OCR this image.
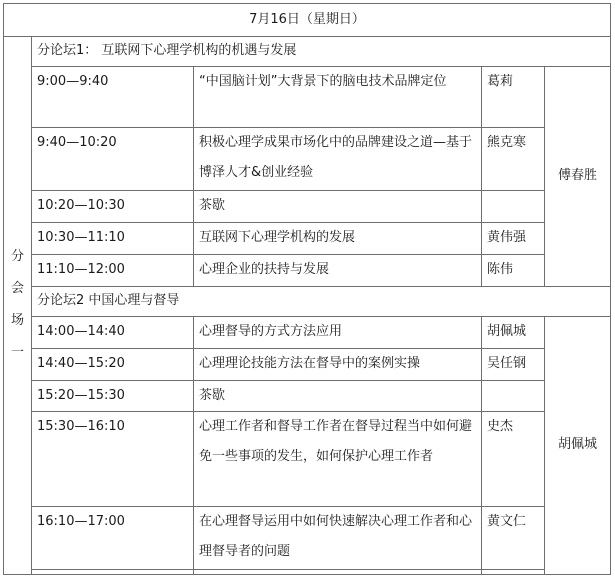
7月16日（星期日）				
分会场一	分论坛1： 互联网下心理学机构的机遇与发展			
	9:00—9:40	“中国脑计划”大背景下的脑电技术品牌定位	葛莉	傅春胜
	9:40—10:20	积极心理学成果市场化中的品牌建设之道—基于博泽人才&创业经验	熊克寒	
	10:20—10:30	茶歇		
	10:30—11:10	互联网下心理学机构的发展	黄伟强	
	11:10—12:00	心理企业的扶持与发展	陈伟	
	分论坛2 中国心理与督导			
	14:00—14:40	心理督导的方式方法应用	胡佩城	胡佩城
	14:40—15:20	心理理论技能方法在督导中的案例实操	吴任钢	
	15:20—15:30	茶歇		
	15:30—16:10	心理工作者和督导工作者在督导过程当中如何避免一些事项的发生，如何保护心理工作者	史杰	
	16:10—17:00	在心理督导运用中如何快速解决心理工作者和心理督导者的问题	黄文仁	
